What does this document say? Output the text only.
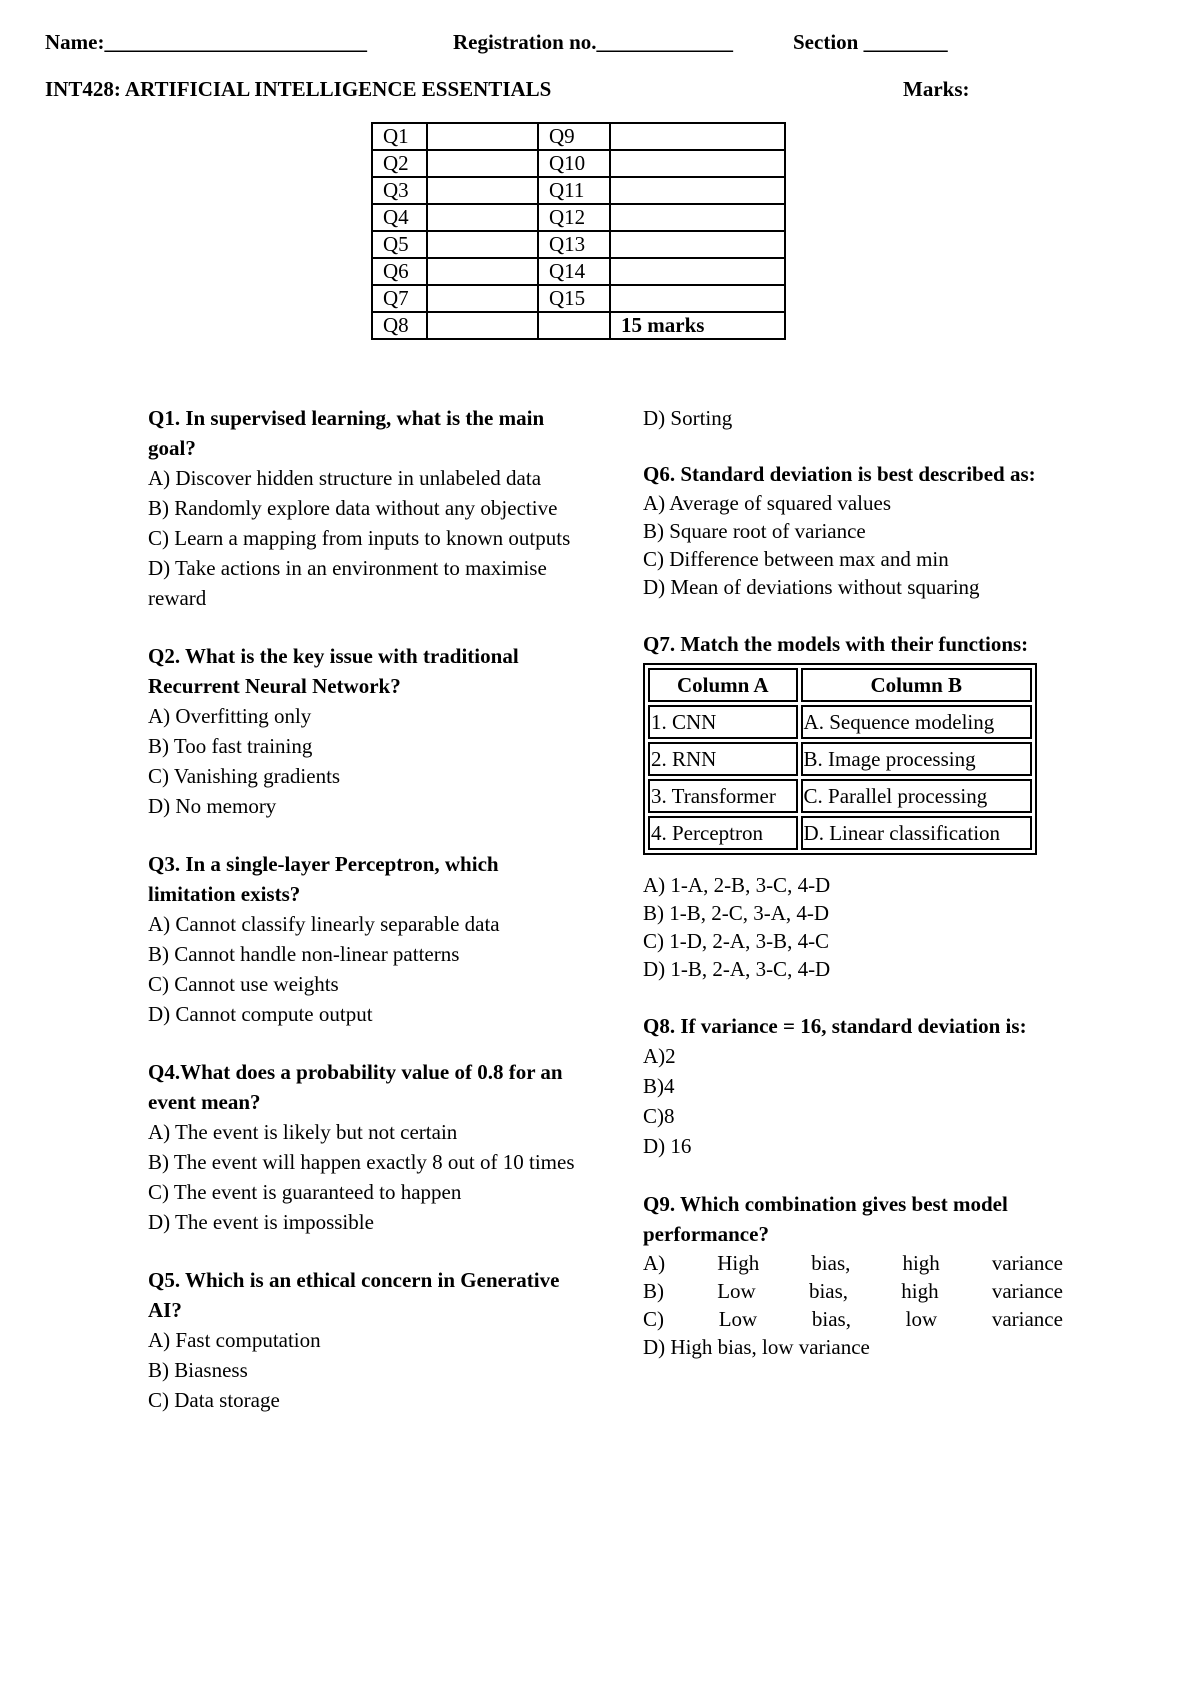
Name:_________________________	Registration no._____________	Section ________
INT428: ARTIFICIAL INTELLIGENCE ESSENTIALS	Marks:
Q1		Q9	
Q2		Q10	
Q3		Q11	
Q4		Q12	
Q5		Q13	
Q6		Q14	
Q7		Q15	
Q8			15 marks

Q1. In supervised learning, what is the main goal?

A) Discover hidden structure in unlabeled data

B) Randomly explore data without any objective

C) Learn a mapping from inputs to known outputs

D) Take actions in an environment to maximise reward

Q2. What is the key issue with traditional Recurrent Neural Network?

A) Overfitting only

B) Too fast training

C) Vanishing gradients

D) No memory

Q3. In a single-layer Perceptron, which limitation exists?

A) Cannot classify linearly separable data

B) Cannot handle non-linear patterns

C) Cannot use weights

D) Cannot compute output

Q4.What does a probability value of 0.8 for an event mean?

A) The event is likely but not certain

B) The event will happen exactly 8 out of 10 times

C) The event is guaranteed to happen

D) The event is impossible

Q5. Which is an ethical concern in Generative AI?

A) Fast computation

B) Biasness

C) Data storage

D) Sorting

Q6. Standard deviation is best described as:

A) Average of squared values

B) Square root of variance

C) Difference between max and min

D) Mean of deviations without squaring

Q7. Match the models with their functions:

Column A	Column B
1. CNN	A. Sequence modeling
2. RNN	B. Image processing
3. Transformer	C. Parallel processing
4. Perceptron	D. Linear classification

A) 1-A, 2-B, 3-C, 4-D

B) 1-B, 2-C, 3-A, 4-D

C) 1-D, 2-A, 3-B, 4-C

D) 1-B, 2-A, 3-C, 4-D

Q8. If variance = 16, standard deviation is:

A)2

B)4

C)8

D) 16

Q9. Which combination gives best model performance?

A) High bias, high variance
B)	Low	bias,	high	variance
C)	Low	bias,	low	variance

D) High bias, low variance
